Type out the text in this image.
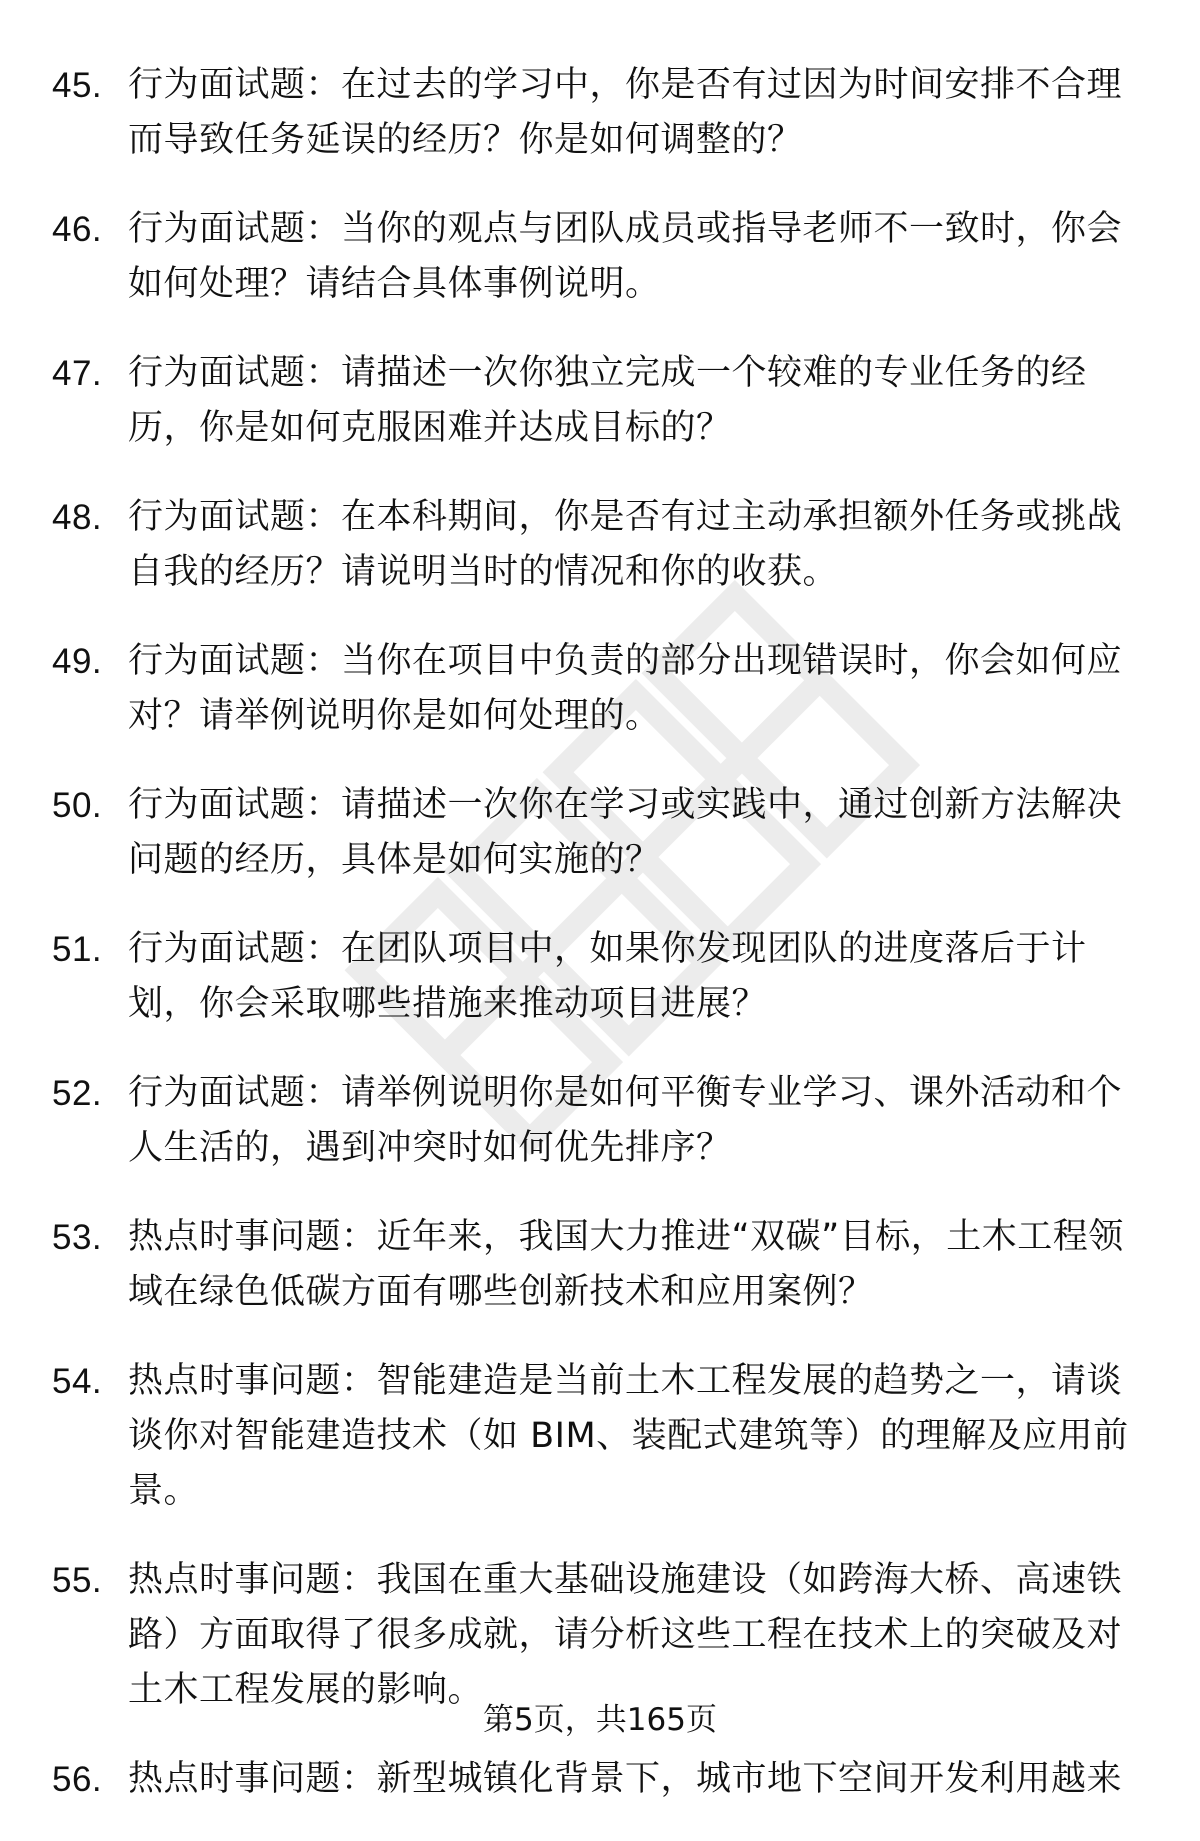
45. 行为面试题：在过去的学习中，你是否有过因为时间安排不合理而导致任务延误的经历？你是如何调整的？
46. 行为面试题：当你的观点与团队成员或指导老师不一致时，你会如何处理？请结合具体事例说明。
47. 行为面试题：请描述一次你独立完成一个较难的专业任务的经历，你是如何克服困难并达成目标的？
48. 行为面试题：在本科期间，你是否有过主动承担额外任务或挑战自我的经历？请说明当时的情况和你的收获。
49. 行为面试题：当你在项目中负责的部分出现错误时，你会如何应对？请举例说明你是如何处理的。
50. 行为面试题：请描述一次你在学习或实践中，通过创新方法解决问题的经历，具体是如何实施的？
51. 行为面试题：在团队项目中，如果你发现团队的进度落后于计划，你会采取哪些措施来推动项目进展？
52. 行为面试题：请举例说明你是如何平衡专业学习、课外活动和个人生活的，遇到冲突时如何优先排序？
53. 热点时事问题：近年来，我国大力推进“双碳”目标，土木工程领域在绿色低碳方面有哪些创新技术和应用案例？
54. 热点时事问题：智能建造是当前土木工程发展的趋势之一，请谈谈你对智能建造技术（如 BIM、装配式建筑等）的理解及应用前景。
55. 热点时事问题：我国在重大基础设施建设（如跨海大桥、高速铁路）方面取得了很多成就，请分析这些工程在技术上的突破及对土木工程发展的影响。
56. 热点时事问题：新型城镇化背景下，城市地下空间开发利用越来
第5页，共165页
